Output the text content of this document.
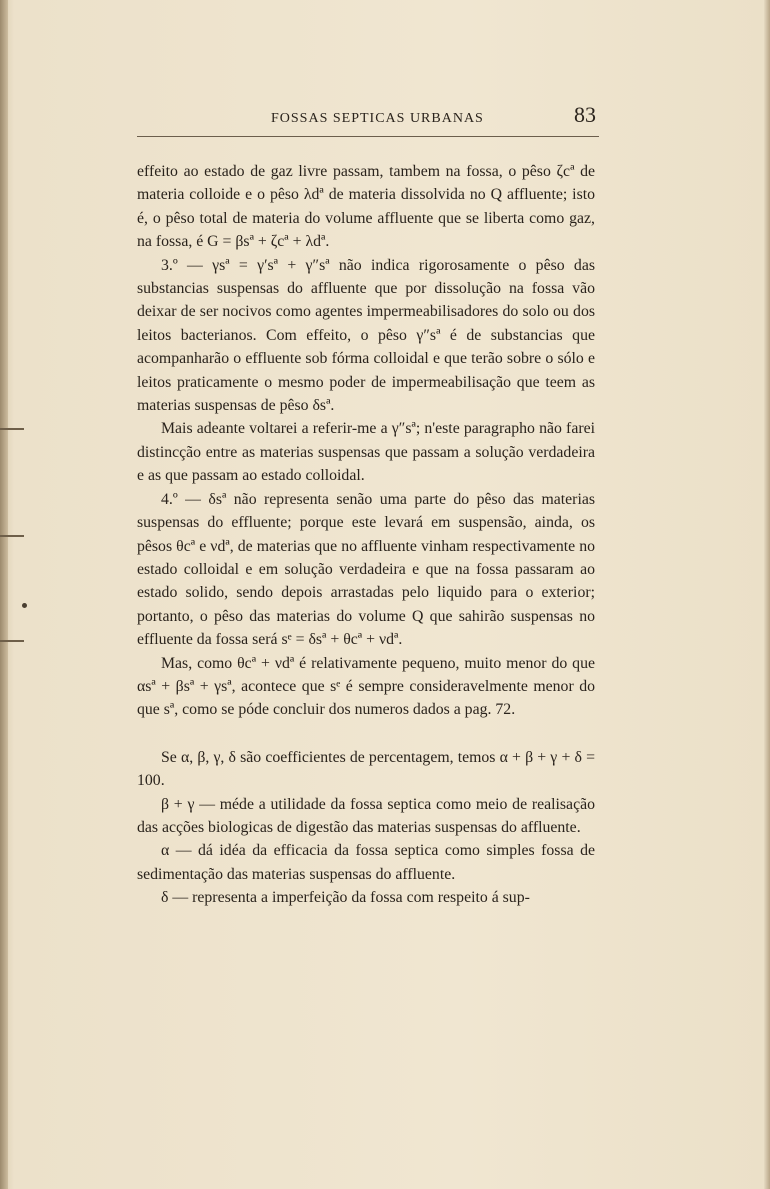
FOSSAS SEPTICAS URBANAS	83

effeito ao estado de gaz livre passam, tambem na fossa, o pêso ζcª de materia colloide e o pêso λdª de materia dissolvida no Q affluente; isto é, o pêso total de materia do volume affluente que se liberta como gaz, na fossa, é G = βsª + ζcª + λdª.

3.º — γsª = γ′sª + γ″sª não indica rigorosamente o pêso das substancias suspensas do affluente que por dissolução na fossa vão deixar de ser nocivos como agentes impermeabilisadores do solo ou dos leitos bacterianos. Com effeito, o pêso γ″sª é de substancias que acompanharão o effluente sob fórma colloidal e que terão sobre o sólo e leitos praticamente o mesmo poder de impermeabilisação que teem as materias suspensas de pêso δsª.

Mais adeante voltarei a referir-me a γ″sª; n'este paragrapho não farei distincção entre as materias suspensas que passam a solução verdadeira e as que passam ao estado colloidal.

4.º — δsª não representa senão uma parte do pêso das materias suspensas do effluente; porque este levará em suspensão, ainda, os pêsos θcª e νdª, de materias que no affluente vinham respectivamente no estado colloidal e em solução verdadeira e que na fossa passaram ao estado solido, sendo depois arrastadas pelo liquido para o exterior; portanto, o pêso das materias do volume Q que sahirão suspensas no effluente da fossa será sᵉ = δsª + θcª + νdª.

Mas, como θcª + νdª é relativamente pequeno, muito menor do que αsª + βsª + γsª, acontece que sᵉ é sempre consideravelmente menor do que sª, como se póde concluir dos numeros dados a pag. 72.

Se α, β, γ, δ são coefficientes de percentagem, temos α + β + γ + δ = 100.

β + γ — méde a utilidade da fossa septica como meio de realisação das acções biologicas de digestão das materias suspensas do affluente.

α — dá idéa da efficacia da fossa septica como simples fossa de sedimentação das materias suspensas do affluente.

δ — representa a imperfeição da fossa com respeito á sup-
